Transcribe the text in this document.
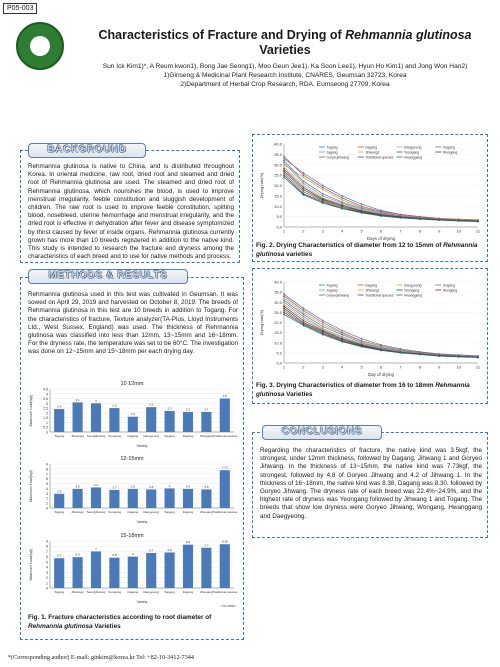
P05-003
Characteristics of Fracture and Drying of Rehmannia glutinosa
Varieties
Sun Ick Kim1)*, A Reum kwon1), Bong Jae Seong1), Moo Geun Jee1), Ka Soon Lee1), Hyun Ho Kim1) and Jong Won Han2)
1)Ginseng & Medicinal Plant Research Institute, CNARES, Geumsan 32723, Korea
2)Department of Herbal Crop Research, RDA, Eumseong 27709, Korea
BACKGROUND
Rehmannia glutinosa is native to China, and is distributed throughout Korea. In oriental medicine, raw root, dried root and steamed and dried root of Rehmannia glutinosa are used. The steamed and dried root of Rehmannia glutinosa, which nourishes the blood, is used to improve menstrual irregularity, feeble constitution and sluggish development of children. The raw root is used to improve feeble constitution, spitting blood, nosebleed, uterine hemorrhage and menstrual irregularity, and the dried root is effective in dehydration after fever and disease symptomized by thirst caused by fever of inside organs. Rehmannia glutinosa currently grown has more than 10 breeds registered in addition to the native kind. This study is intended to research the fracture and dryness among the characteristics of each breed and to use for native methods and process.
METHODS & RESULTS
Rehmannia glutinosa used in this test was cultivated in Geumsan. It was sowed on April 29, 2019 and harvested on October 8, 2019. The breeds of Rehmannia glutinosa in this test are 10 breeds in addition to Togang. For the characteristics of fracture, Texture analyzer(TA-Plus, Lloyd Instruments Ltd., West Sussex, England) was used. The thickness of Rehmannia glutinosa was classified into less than 12mm, 13~15mm and 16~18mm. For the dryness rate, the temperature was set to be 60°C. The investigation was done on 12~15mm and 15~18mm per each drying day.
10 12mm
0
0.5
1
1.5
2
2.5
3
3.5
4
4.5
Maximum Load(kgf)	2.4
Togang
3.1
Jihwang1
3
Seonjijihwang
2.5
Yeongang
1.6
Dagang
2.6
Daegyeong
2.2
Sagang
2.1
Dagang
2.1
Wongang
3.5
Traditional species
Variety
12-15mm
0
1
2
3
4
5
6
7
8
9
Maximum Load(kgf)	2.9
Togang
3.9
Jihwang1
4.2
Seonjijihwang
3.7
Yeongang
3.9
Dagang
3.8
Daegyeong
4
Sagang
3.9
Dagang
3.8
Wongang
7.73
Traditional species
Variety
15-18mm
0
1
2
3
4
5
6
7
8
9
Maximum Load(kgf)	5.7
Togang
5.9
Jihwang1
7
Seonjijihwang
5.8
Yeongang
6
Dagang
6.7
Daegyeong
6.8
Sagang
8.3
Dagang
7.7
Wongang
8.38
Traditional species
Variety
* 5% DMRT
Fig. 1. Fracture characteristics according to root diameter of Rehmannia glutinosa Varieties
0.0
5.0
10.0
15.0
20.0
25.0
30.0
35.0
40.0
1	2	3	4	5	6	7	8	9	10	11
Days of drying
Drying rate(%)
Togang	Dagang	Daegyeong	Gogang
Jagang	Jihwang1	Yeongang	Wongang
Goryeojihwang	Traditional species	Hwanggang
Fig. 2. Drying Characteristics of diameter from 12 to 15mm of Rehmannia glutinosa varieties
0.0
5.0
10.0
15.0
20.0
25.0
30.0
35.0
40.0
1	2	3	4	5	6	7	8	9	10	11
Day of drying
Drying rate(%)
Togang	Dagang	Daegyeong	Gogang
Jagang	Jihwang1	Yeongang	Wongang
Goryeojihwang	Traditional species	Hwanggang
Fig. 3. Drying Characteristics of diameter from 16 to 18mm Rehmannia glutinosa Varieties
CONCLUSIONS
Regarding the characteristics of fracture, the native kind was 3.5kgf, the strongest, under 12mm thickness, followed by Dagang, Jihwang 1 and Goryeo Jihwang. In the thickness of 13~15mm, the native kind was 7.73kgf, the strongest, followed by 4.8 of Goryeo Jihwang and 4.2 of Jihwang 1. In the thickness of 16~18mm, the native kind was 8.38, Dagang was 8.30, followed by Goryeo Jihwang. The dryness rate of each breed was 22.4%~24.9%, and the highest rate of dryness was Yeongang followed by Jihwang 1 and Togang. The breeds that show low dryness were Goryeo Jihwang, Wongang, Hwanggang and Daegyeong.
*(Corresponding author) E-mail: ginkim@korea.kr Tel: +82-10-3412-7344
